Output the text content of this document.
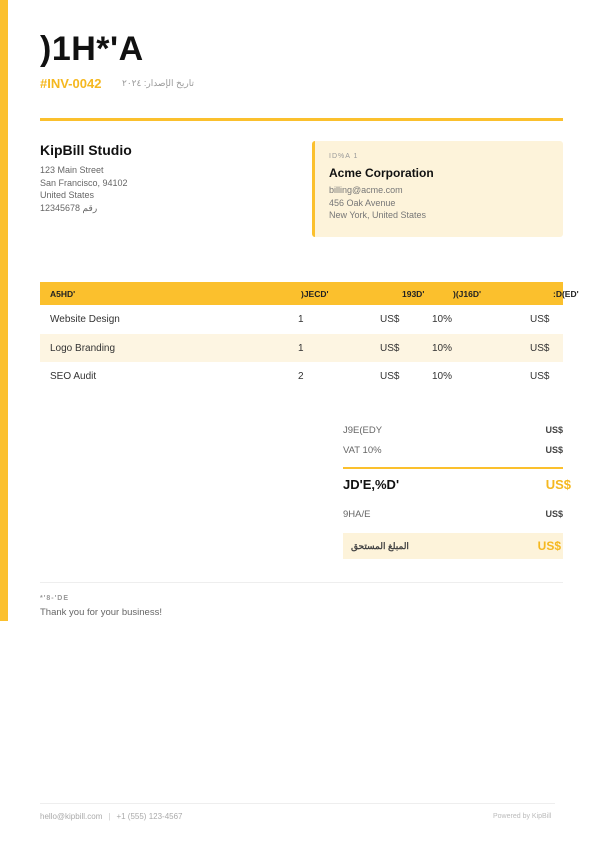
)1H*'A
#INV-0042 تاريخ الإصدار: ٢٠٢٤
KipBill Studio
123 Main Street
San Francisco, 94102
United States
رقم 12345678
ID%A 1
Acme Corporation
billing@acme.com
456 Oak Avenue
New York, United States
A5HD'	)JECD'	193D'	)(J16D'	:D(ED'
Website Design	1	US$	10%	US$
Logo Branding	1	US$	10%	US$
SEO Audit	2	US$	10%	US$
J9E(EDY	US$
VAT 10%	US$
JD'E,%D'	US$
9HA/E	US$
المبلغ المستحق	US$
*'8-'DE
Thank you for your business!
hello@kipbill.com | +1 (555) 123-4567	Powered by KipBill
